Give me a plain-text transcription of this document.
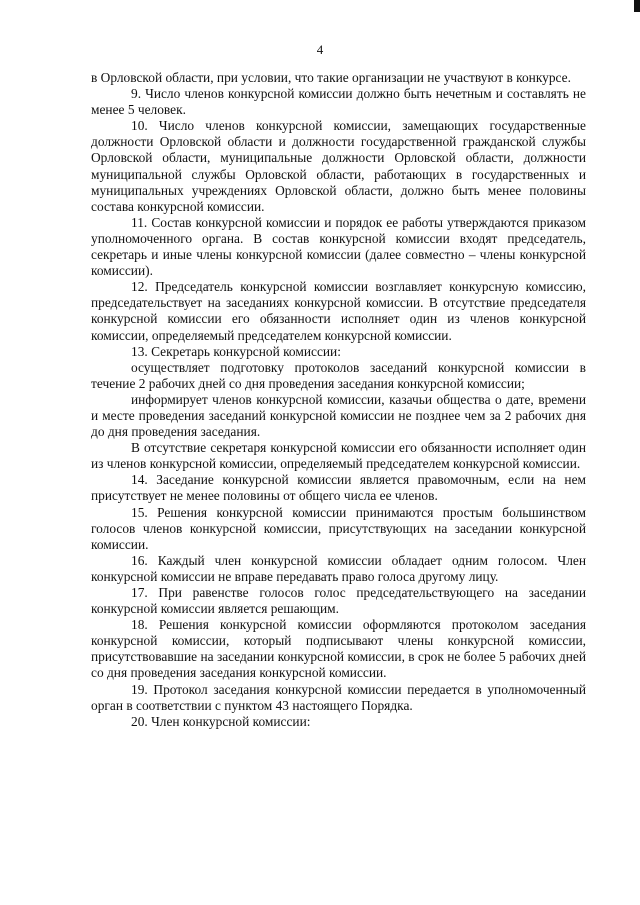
4

в Орловской области, при условии, что такие организации не участвуют в конкурсе.

9. Число членов конкурсной комиссии должно быть нечетным и составлять не менее 5 человек.

10. Число членов конкурсной комиссии, замещающих государственные должности Орловской области и должности государственной гражданской службы Орловской области, муниципальные должности Орловской области, должности муниципальной службы Орловской области, работающих в государственных и муниципальных учреждениях Орловской области, должно быть менее половины состава конкурсной комиссии.

11. Состав конкурсной комиссии и порядок ее работы утверждаются приказом уполномоченного органа. В состав конкурсной комиссии входят председатель, секретарь и иные члены конкурсной комиссии (далее совместно – члены конкурсной комиссии).

12. Председатель конкурсной комиссии возглавляет конкурсную комиссию, председательствует на заседаниях конкурсной комиссии. В отсутствие председателя конкурсной комиссии его обязанности исполняет один из членов конкурсной комиссии, определяемый председателем конкурсной комиссии.

13. Секретарь конкурсной комиссии:

осуществляет подготовку протоколов заседаний конкурсной комиссии в течение 2 рабочих дней со дня проведения заседания конкурсной комиссии;

информирует членов конкурсной комиссии, казачьи общества о дате, времени и месте проведения заседаний конкурсной комиссии не позднее чем за 2 рабочих дня до дня проведения заседания.

В отсутствие секретаря конкурсной комиссии его обязанности исполняет один из членов конкурсной комиссии, определяемый председателем конкурсной комиссии.

14. Заседание конкурсной комиссии является правомочным, если на нем присутствует не менее половины от общего числа ее членов.

15. Решения конкурсной комиссии принимаются простым большинством голосов членов конкурсной комиссии, присутствующих на заседании конкурсной комиссии.

16. Каждый член конкурсной комиссии обладает одним голосом. Член конкурсной комиссии не вправе передавать право голоса другому лицу.

17. При равенстве голосов голос председательствующего на заседании конкурсной комиссии является решающим.

18. Решения конкурсной комиссии оформляются протоколом заседания конкурсной комиссии, который подписывают члены конкурсной комиссии, присутствовавшие на заседании конкурсной комиссии, в срок не более 5 рабочих дней со дня проведения заседания конкурсной комиссии.

19. Протокол заседания конкурсной комиссии передается в уполномоченный орган в соответствии с пунктом 43 настоящего Порядка.

20. Член конкурсной комиссии:
